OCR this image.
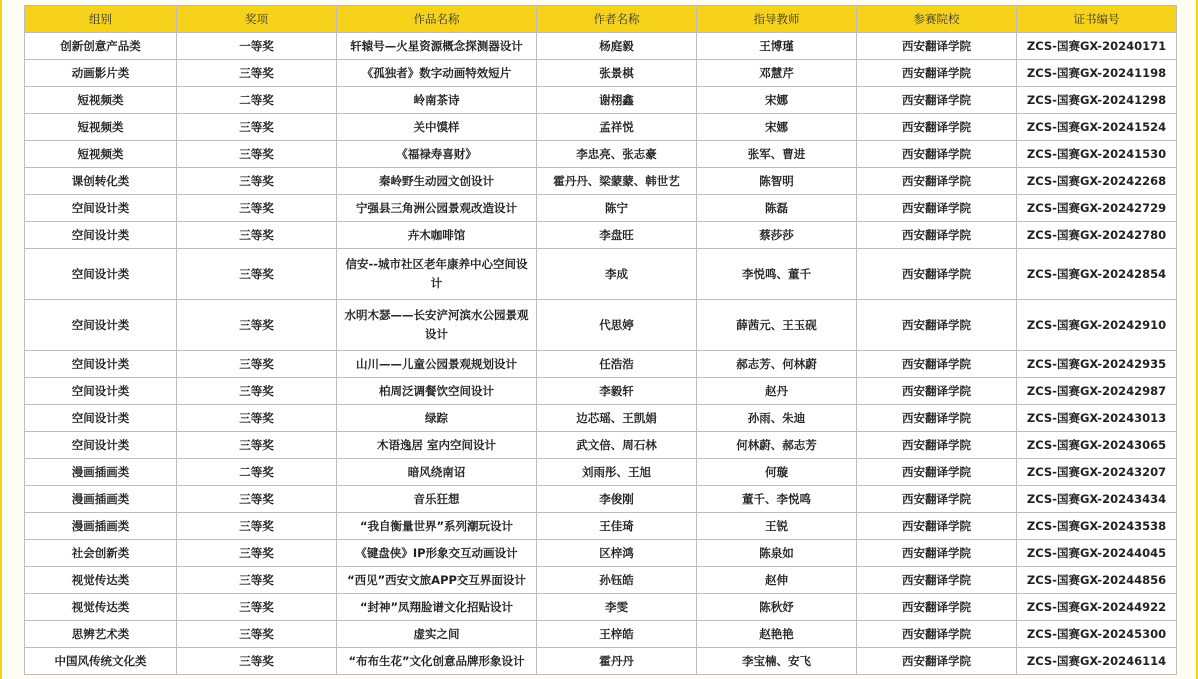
组别	奖项	作品名称	作者名称	指导教师	参赛院校	证书编号
创新创意产品类	一等奖	轩辕号—火星资源概念探测器设计	杨庭毅	王博瑾	西安翻译学院	ZCS-国赛GX-20240171
动画影片类	三等奖	《孤独者》数字动画特效短片	张景棋	邓慧芹	西安翻译学院	ZCS-国赛GX-20241198
短视频类	二等奖	岭南茶诗	谢栩鑫	宋娜	西安翻译学院	ZCS-国赛GX-20241298
短视频类	三等奖	关中馍样	孟祥悦	宋娜	西安翻译学院	ZCS-国赛GX-20241524
短视频类	三等奖	《福禄寿喜财》	李忠亮、张志豪	张军、曹进	西安翻译学院	ZCS-国赛GX-20241530
课创转化类	三等奖	秦岭野生动园文创设计	霍丹丹、梁蒙蒙、韩世艺	陈智明	西安翻译学院	ZCS-国赛GX-20242268
空间设计类	三等奖	宁强县三角洲公园景观改造设计	陈宁	陈磊	西安翻译学院	ZCS-国赛GX-20242729
空间设计类	三等奖	卉木咖啡馆	李盘旺	蔡莎莎	西安翻译学院	ZCS-国赛GX-20242780
空间设计类	三等奖	信安--城市社区老年康养中心空间设计	李成	李悦鸣、董千	西安翻译学院	ZCS-国赛GX-20242854
空间设计类	三等奖	水明木瑟——长安浐河滨水公园景观设计	代思婷	薛茜元、王玉砚	西安翻译学院	ZCS-国赛GX-20242910
空间设计类	三等奖	山川——儿童公园景观规划设计	任浩浩	郝志芳、何林蔚	西安翻译学院	ZCS-国赛GX-20242935
空间设计类	三等奖	柏周泛调餐饮空间设计	李毅轩	赵丹	西安翻译学院	ZCS-国赛GX-20242987
空间设计类	三等奖	绿踪	边芯瑶、王凯娟	孙雨、朱迪	西安翻译学院	ZCS-国赛GX-20243013
空间设计类	三等奖	木语逸居 室内空间设计	武文倍、周石林	何林蔚、郝志芳	西安翻译学院	ZCS-国赛GX-20243065
漫画插画类	二等奖	暗风绕南诏	刘雨彤、王旭	何璇	西安翻译学院	ZCS-国赛GX-20243207
漫画插画类	三等奖	音乐狂想	李俊刚	董千、李悦鸣	西安翻译学院	ZCS-国赛GX-20243434
漫画插画类	三等奖	“我自衡量世界”系列潮玩设计	王佳琦	王锐	西安翻译学院	ZCS-国赛GX-20243538
社会创新类	三等奖	《键盘侠》IP形象交互动画设计	区梓鸿	陈泉如	西安翻译学院	ZCS-国赛GX-20244045
视觉传达类	三等奖	“西见”西安文旅APP交互界面设计	孙钰皓	赵伸	西安翻译学院	ZCS-国赛GX-20244856
视觉传达类	三等奖	“封神”凤翔脸谱文化招贴设计	李雯	陈秋妤	西安翻译学院	ZCS-国赛GX-20244922
思辨艺术类	三等奖	虚实之间	王梓皓	赵艳艳	西安翻译学院	ZCS-国赛GX-20245300
中国风传统文化类	三等奖	“布布生花”文化创意品牌形象设计	霍丹丹	李宝楠、安飞	西安翻译学院	ZCS-国赛GX-20246114
